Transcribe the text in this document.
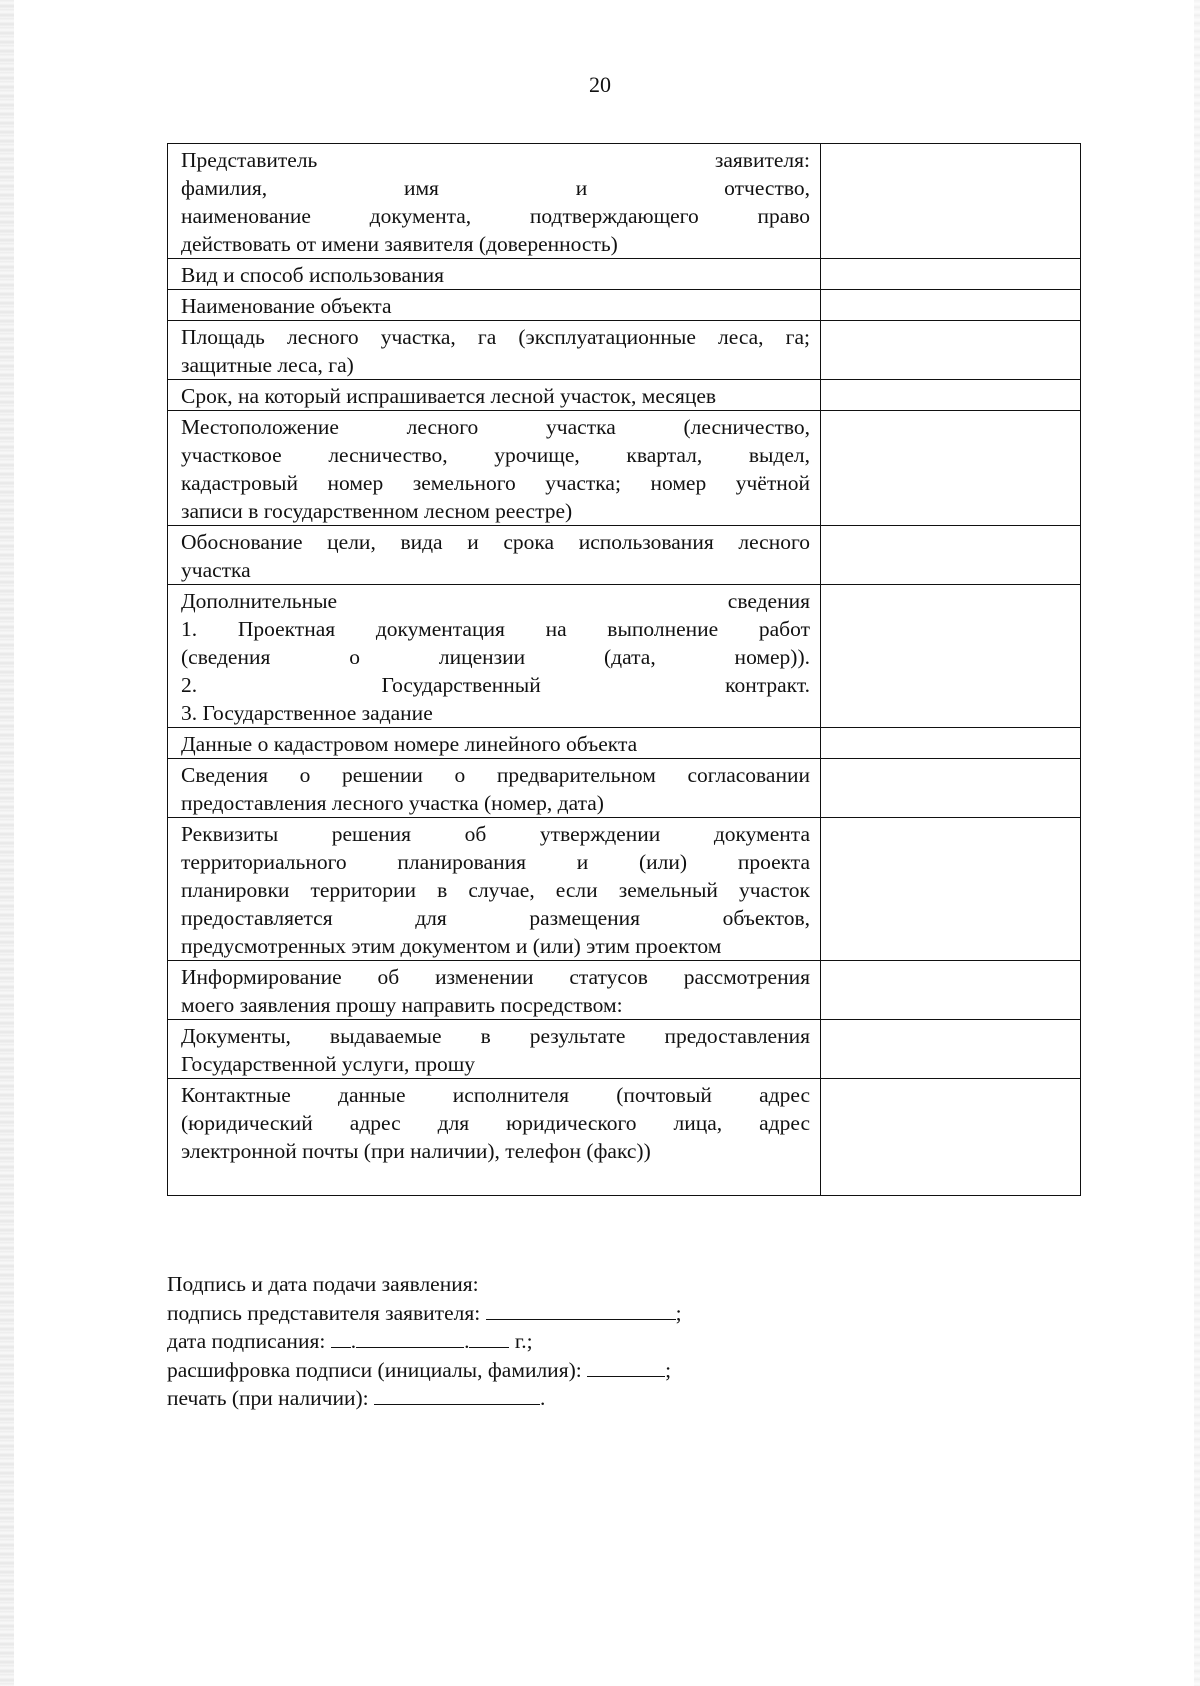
20
Представитель заявителя:
фамилия, имя и отчество,
наименование документа, подтверждающего право
действовать от имени заявителя (доверенность)	

Вид и способ использования	

Наименование объекта	

Площадь лесного участка, га (эксплуатационные леса, га;
защитные леса, га)	

Срок, на который испрашивается лесной участок, месяцев	

Местоположение лесного участка (лесничество,
участковое лесничество, урочище, квартал, выдел,
кадастровый номер земельного участка; номер учётной
записи в государственном лесном реестре)	

Обоснование цели, вида и срока использования лесного
участка	

Дополнительные сведения
1. Проектная документация на выполнение работ
(сведения о лицензии (дата, номер)).
2. Государственный контракт.
3. Государственное задание	

Данные о кадастровом номере линейного объекта	

Сведения о решении о предварительном согласовании
предоставления лесного участка (номер, дата)	

Реквизиты решения об утверждении документа
территориального планирования и (или) проекта
планировки территории в случае, если земельный участок
предоставляется для размещения объектов,
предусмотренных этим документом и (или) этим проектом	

Информирование об изменении статусов рассмотрения
моего заявления прошу направить посредством:	

Документы, выдаваемые в результате предоставления
Государственной услуги, прошу	

Контактные данные исполнителя (почтовый адрес
(юридический адрес для юридического лица, адрес
электронной почты (при наличии), телефон (факс))	

Подпись и дата подачи заявления:
подпись представителя заявителя:	;
дата подписания: .	. г.;
расшифровка подписи (инициалы, фамилия):	;
печать (при наличии):	.
